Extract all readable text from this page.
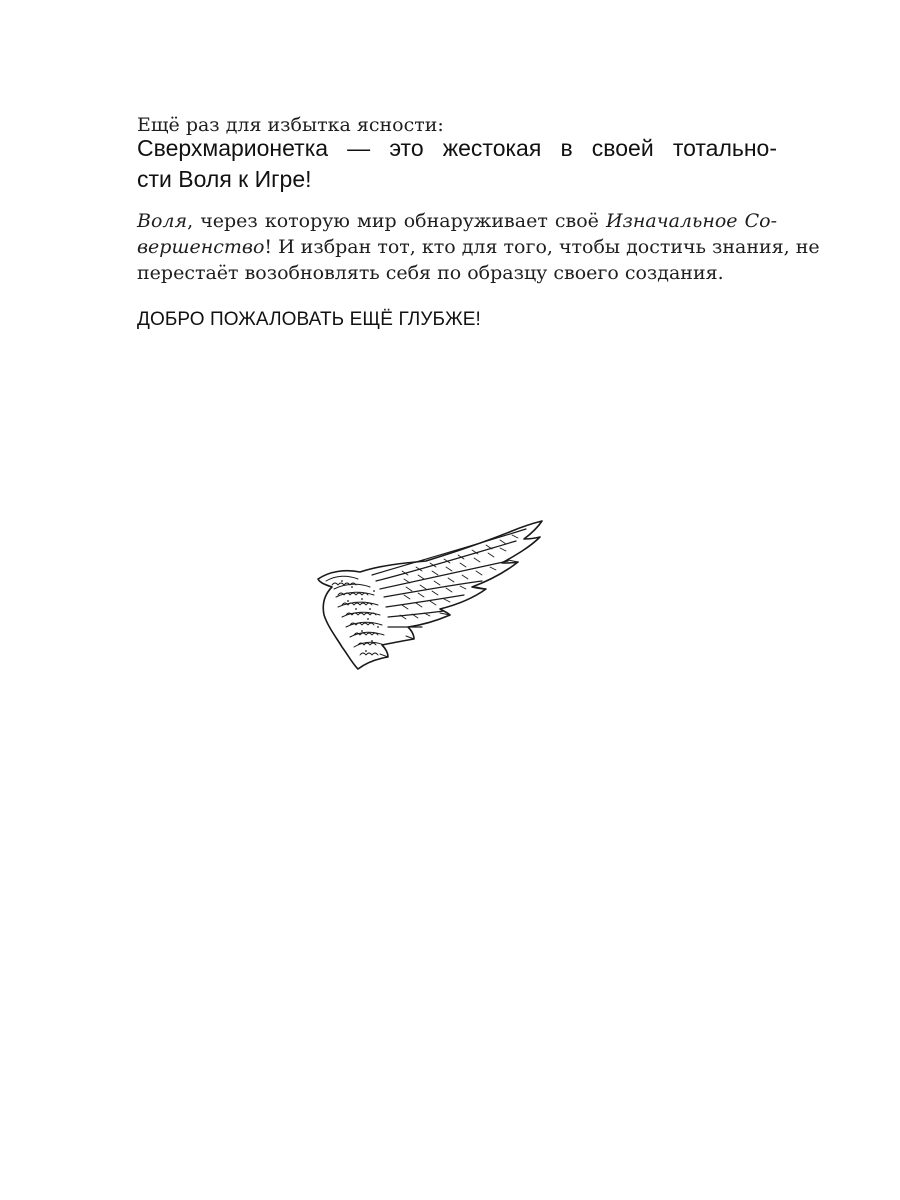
Ещё раз для избытка ясности:
Сверхмарионетка — это жестокая в своей тотально-
сти Воля к Игре!
Воля, через которую мир обнаруживает своё Изначальное Со-
вершенство! И избран тот, кто для того, чтобы достичь знания, не
перестаёт возобновлять себя по образцу своего создания.
ДОБРО ПОЖАЛОВАТЬ ЕЩЁ ГЛУБЖЕ!
